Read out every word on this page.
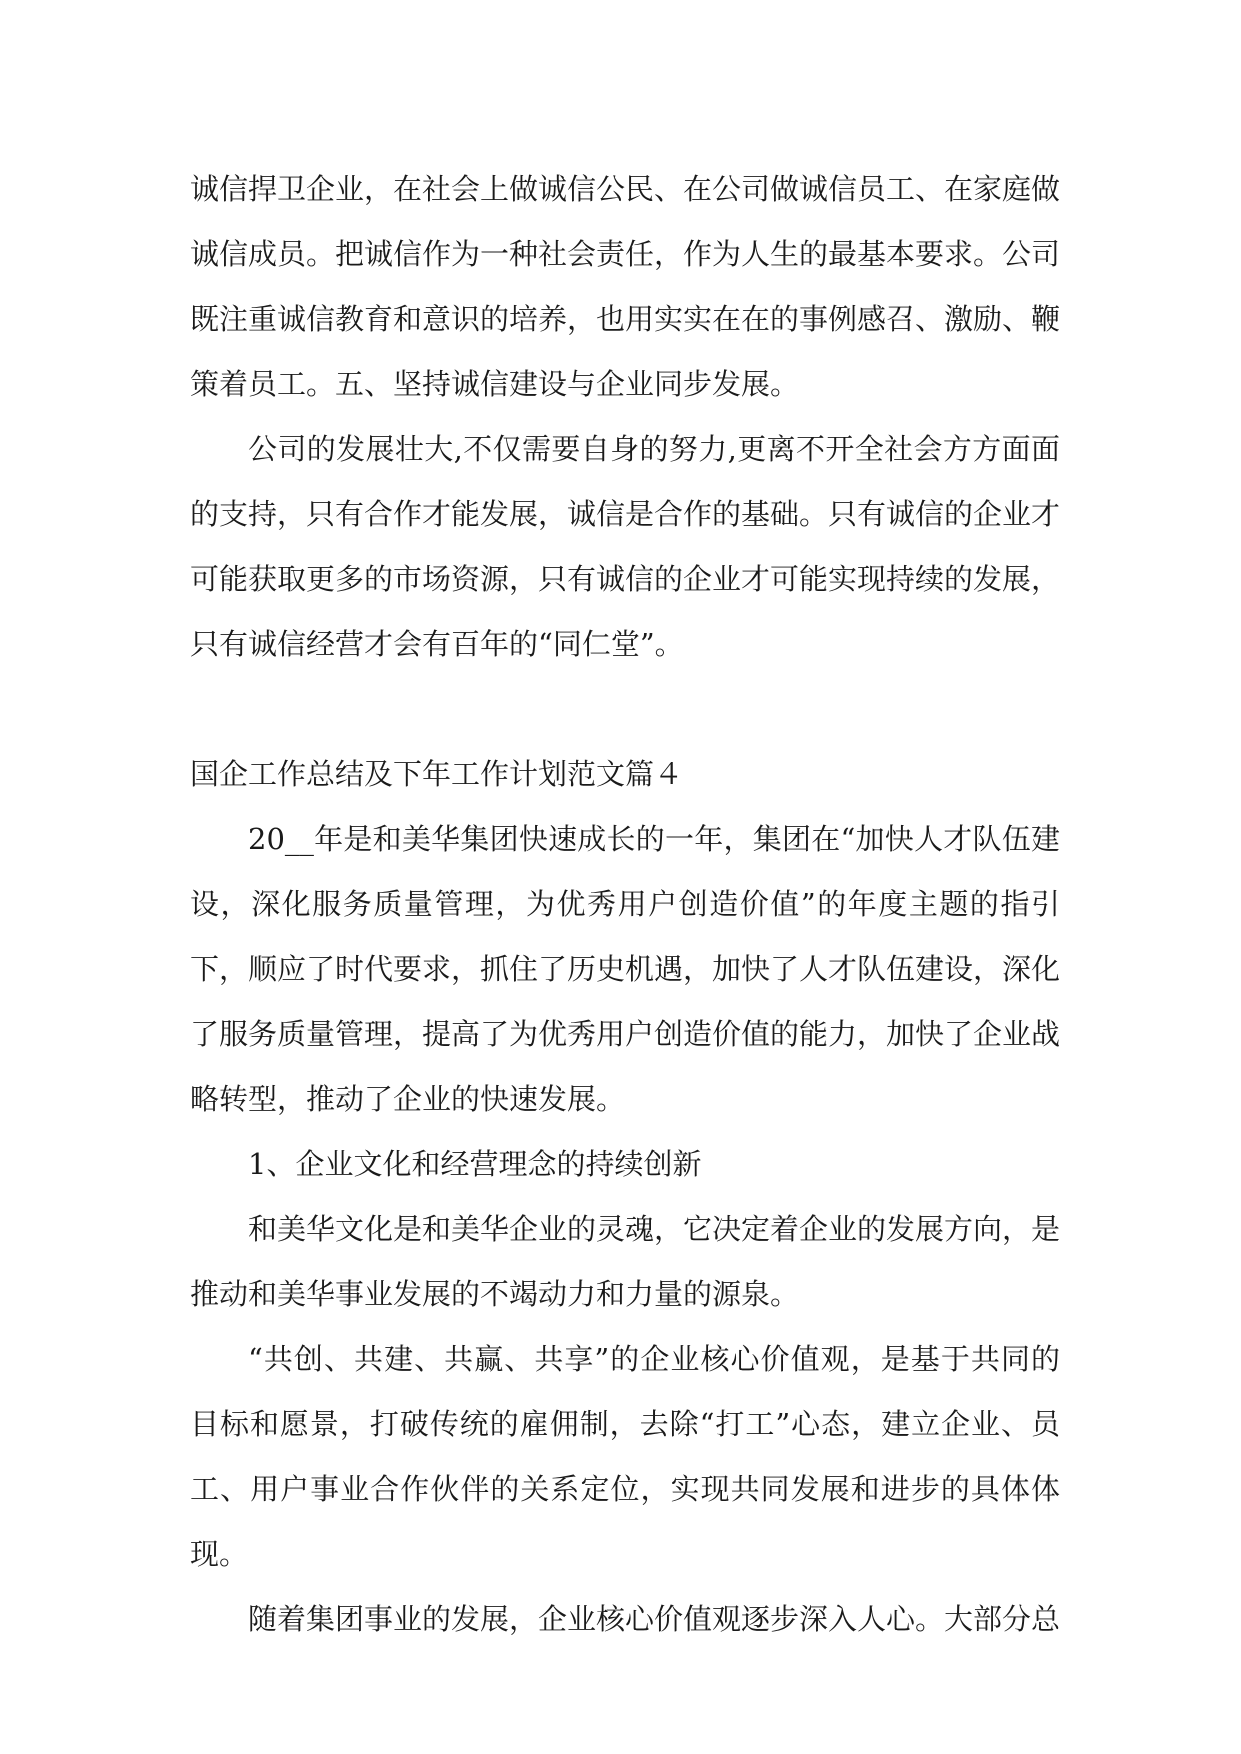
诚信捍卫企业，在社会上做诚信公民、在公司做诚信员工、在家庭做诚信成员。把诚信作为一种社会责任，作为人生的最基本要求。公司既注重诚信教育和意识的培养，也用实实在在的事例感召、激励、鞭策着员工。五、坚持诚信建设与企业同步发展。

公司的发展壮大,不仅需要自身的努力,更离不开全社会方方面面的支持，只有合作才能发展，诚信是合作的基础。只有诚信的企业才可能获取更多的市场资源，只有诚信的企业才可能实现持续的发展，只有诚信经营才会有百年的“同仁堂”。

国企工作总结及下年工作计划范文篇４

20__年是和美华集团快速成长的一年，集团在“加快人才队伍建设，深化服务质量管理，为优秀用户创造价值”的年度主题的指引下，顺应了时代要求，抓住了历史机遇，加快了人才队伍建设，深化了服务质量管理，提高了为优秀用户创造价值的能力，加快了企业战略转型，推动了企业的快速发展。

1、企业文化和经营理念的持续创新

和美华文化是和美华企业的灵魂，它决定着企业的发展方向，是推动和美华事业发展的不竭动力和力量的源泉。

“共创、共建、共赢、共享”的企业核心价值观，是基于共同的目标和愿景，打破传统的雇佣制，去除“打工”心态，建立企业、员工、用户事业合作伙伴的关系定位，实现共同发展和进步的具体体现。

随着集团事业的发展，企业核心价值观逐步深入人心。大部分总
